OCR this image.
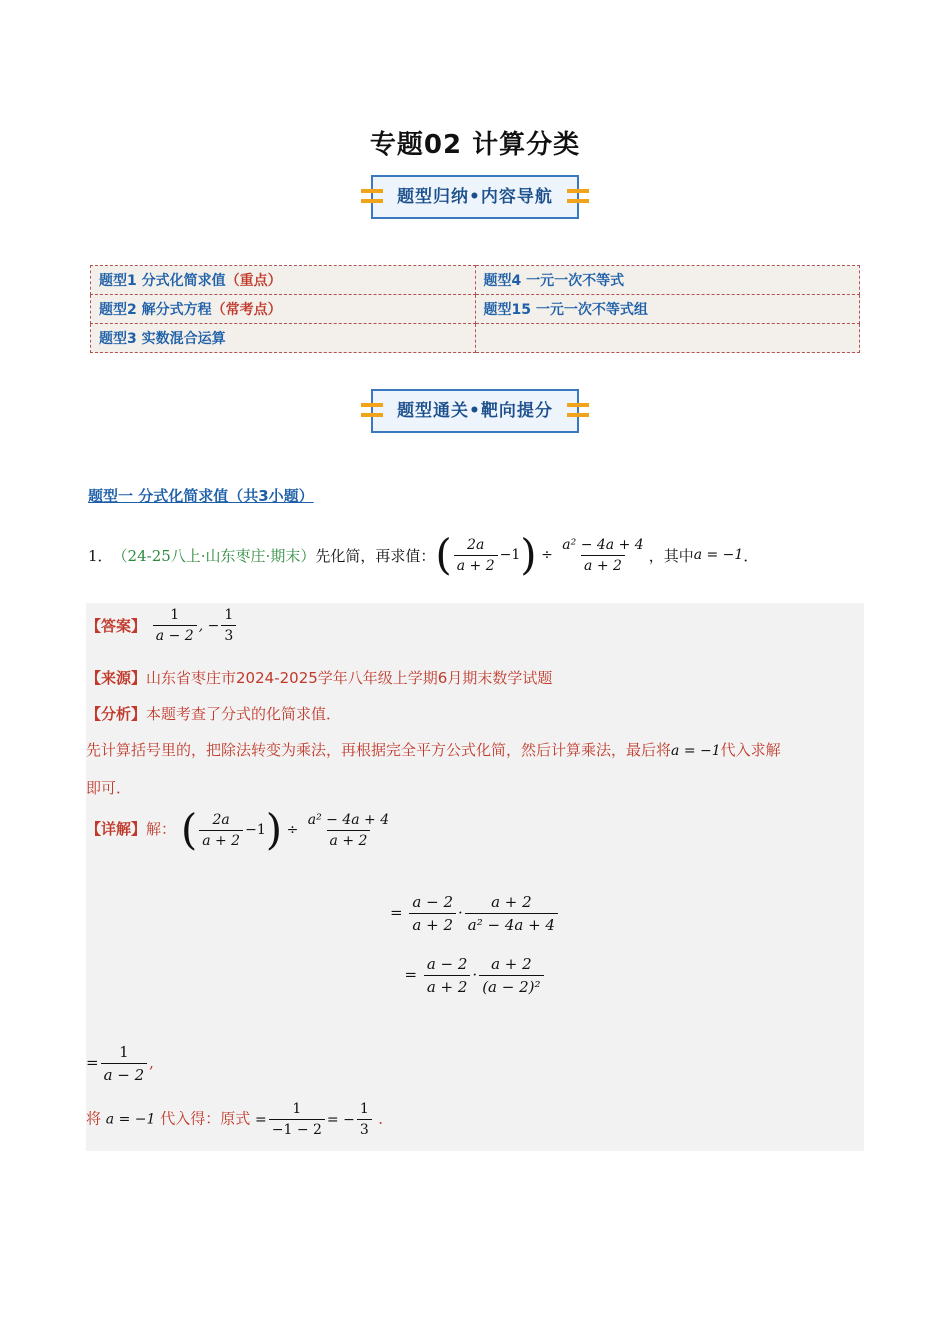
专题02 计算分类
题型归纳•内容导航
题型1 分式化简求值（重点）	题型4 一元一次不等式
题型2 解分式方程（常考点）	题型15 一元一次不等式组
题型3 实数混合运算	
题型通关•靶向提分
题型一 分式化简求值（共3小题）
1． （24-25八上·山东枣庄·期末） 先化简，再求值： ( $\frac{2a}{a + 2} -1) \div \frac{\text{a² − 4a + 4}}{a + 2}$ ，其中 a = −1 ．
【答案】 $\frac{1}{a - 2}$ , − $\frac{1}{3}$
【来源】山东省枣庄市2024-2025学年八年级上学期6月期末数学试题
【分析】本题考查了分式的化简求值．
先计算括号里的，把除法转变为乘法，再根据完全平方公式化简，然后计算乘法，最后将a = −1代入求解
即可．
【详解】解： ( $\frac{2a}{a + 2} -1) \div \frac{\text{a² − 4a + 4}}{a + 2}$
= $\frac{a - 2}{a + 2} \cdot \frac{a + 2}{\text{a² − 4a + 4}}$
= $\frac{a - 2}{a + 2} \cdot \frac{a + 2}{\text{(a − 2)²}}$
= $\frac{1}{a - 2}$ ,
将 a = −1 代入得：原式 = $\frac{1}{-1 - 2}$ = − $\frac{1}{3}$ ．
